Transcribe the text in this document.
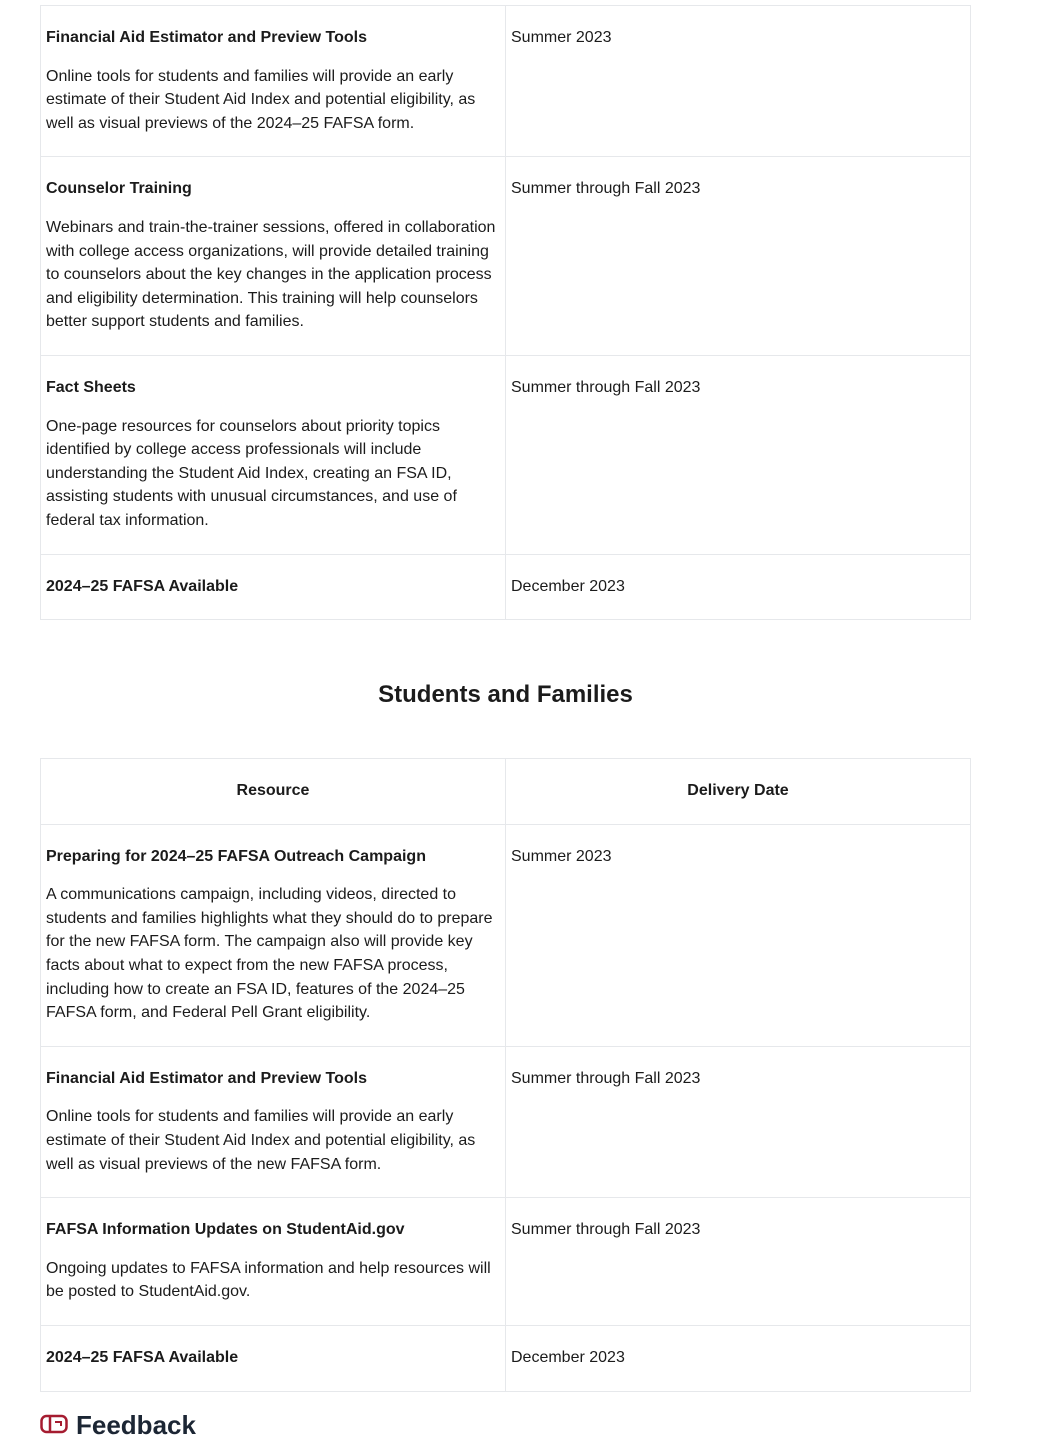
Financial Aid Estimator and Preview Tools

Online tools for students and families will provide an early estimate of their Student Aid Index and potential eligibility, as well as visual previews of the 2024–25 FAFSA form.	Summer 2023

Counselor Training

Webinars and train-the-trainer sessions, offered in collaboration with college access organizations, will provide detailed training to counselors about the key changes in the application process and eligibility determination. This training will help counselors better support students and families.	Summer through Fall 2023

Fact Sheets

One-page resources for counselors about priority topics identified by college access professionals will include understanding the Student Aid Index, creating an FSA ID, assisting students with unusual circumstances, and use of federal tax information.	Summer through Fall 2023

2024–25 FAFSA Available	December 2023
Students and Families
Resource	Delivery Date

Preparing for 2024–25 FAFSA Outreach Campaign

A communications campaign, including videos, directed to students and families highlights what they should do to prepare for the new FAFSA form. The campaign also will provide key facts about what to expect from the new FAFSA process, including how to create an FSA ID, features of the 2024–25 FAFSA form, and Federal Pell Grant eligibility.	Summer 2023

Financial Aid Estimator and Preview Tools

Online tools for students and families will provide an early estimate of their Student Aid Index and potential eligibility, as well as visual previews of the new FAFSA form.	Summer through Fall 2023

FAFSA Information Updates on StudentAid.gov

Ongoing updates to FAFSA information and help resources will be posted to StudentAid.gov.	Summer through Fall 2023

2024–25 FAFSA Available	December 2023
Feedback
